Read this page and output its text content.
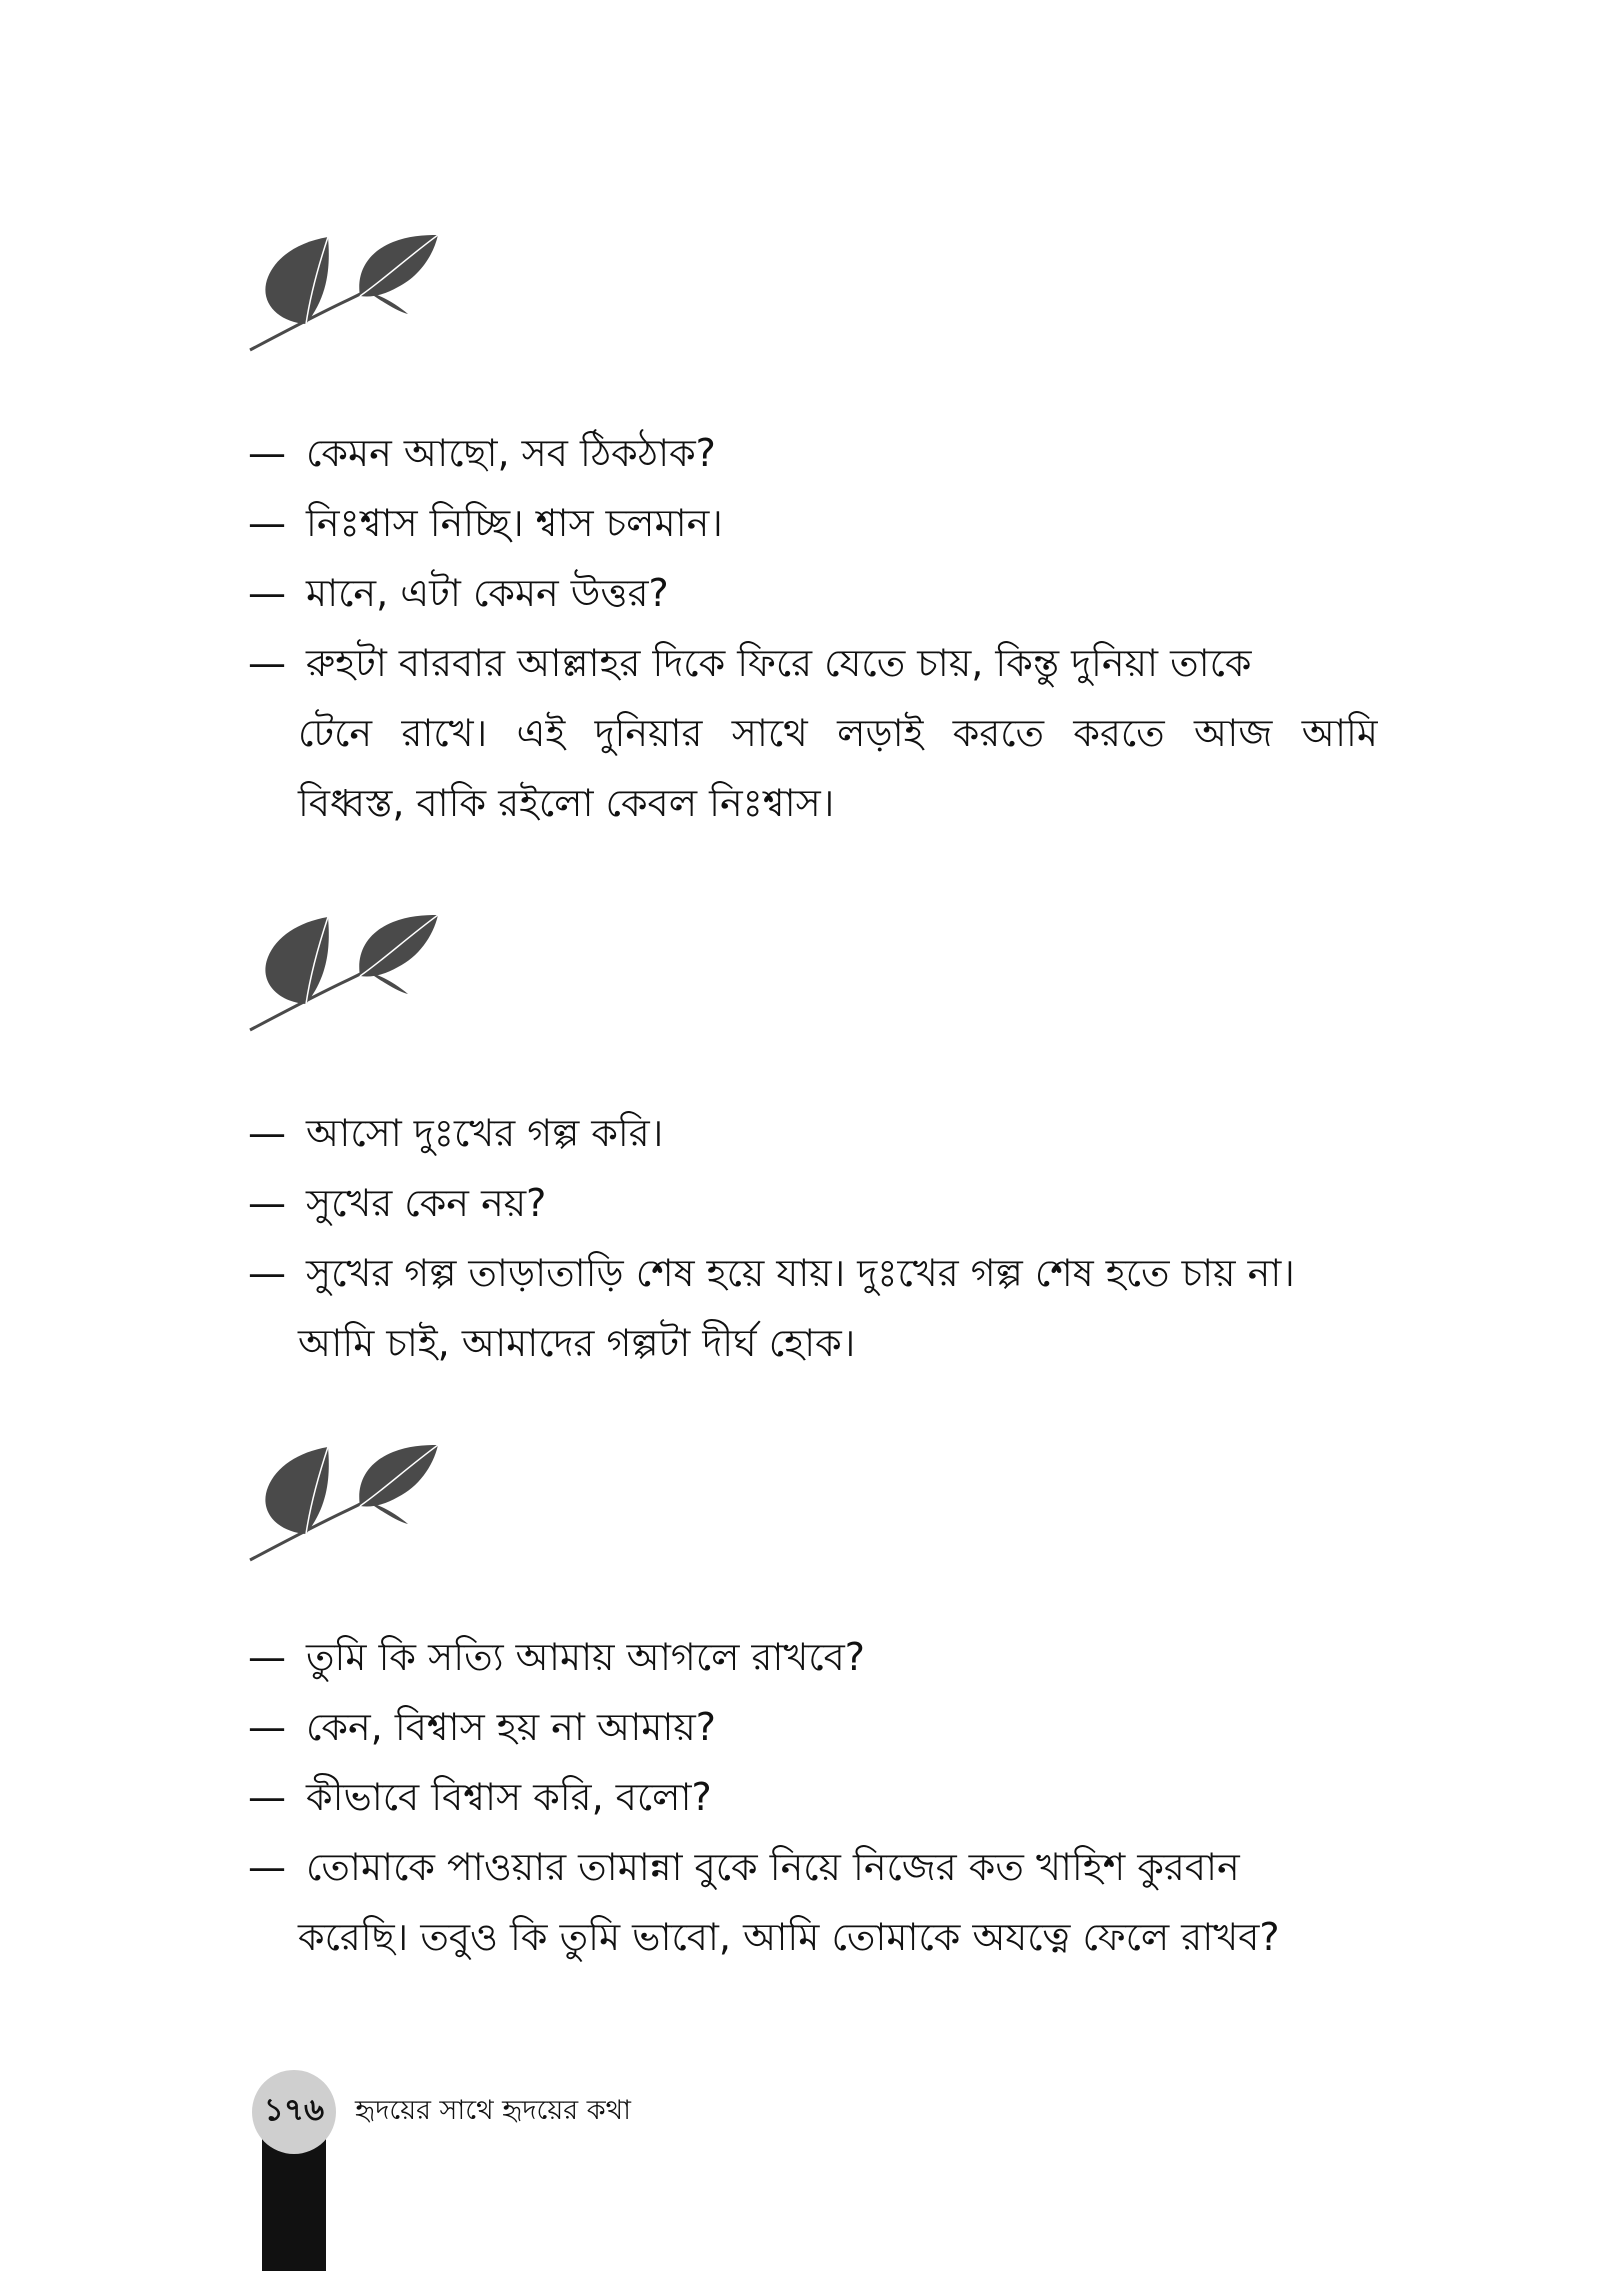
— কেমন আছো, সব ঠিকঠাক?
— নিঃশ্বাস নিচ্ছি। শ্বাস চলমান।
— মানে, এটা কেমন উত্তর?
— রুহটা বারবার আল্লাহর দিকে ফিরে যেতে চায়, কিন্তু দুনিয়া তাকে
টেনে রাখে। এই দুনিয়ার সাথে লড়াই করতে করতে আজ আমি
বিধ্বস্ত, বাকি রইলো কেবল নিঃশ্বাস।
— আসো দুঃখের গল্প করি।
— সুখের কেন নয়?
— সুখের গল্প তাড়াতাড়ি শেষ হয়ে যায়। দুঃখের গল্প শেষ হতে চায় না।
আমি চাই, আমাদের গল্পটা দীর্ঘ হোক।
— তুমি কি সত্যি আমায় আগলে রাখবে?
— কেন, বিশ্বাস হয় না আমায়?
— কীভাবে বিশ্বাস করি, বলো?
— তোমাকে পাওয়ার তামান্না বুকে নিয়ে নিজের কত খাহিশ কুরবান
করেছি। তবুও কি তুমি ভাবো, আমি তোমাকে অযত্নে ফেলে রাখব?
১৭৬	হৃদয়ের সাথে হৃদয়ের কথা
